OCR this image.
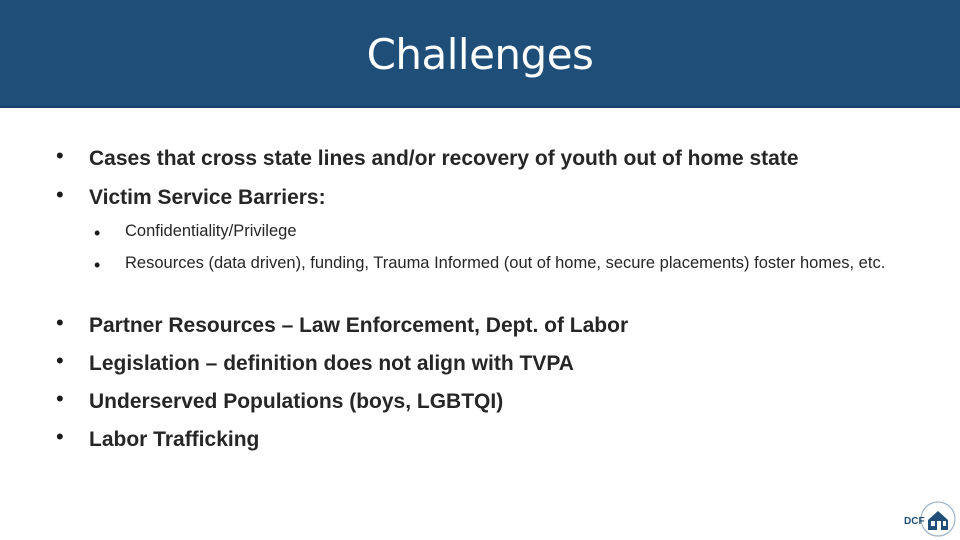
Challenges
• Cases that cross state lines and/or recovery of youth out of home state
• Victim Service Barriers:
• Confidentiality/Privilege
• Resources (data driven), funding, Trauma Informed (out of home, secure placements) foster homes, etc.
• Partner Resources – Law Enforcement, Dept. of Labor
• Legislation – definition does not align with TVPA
• Underserved Populations (boys, LGBTQI)
• Labor Trafficking
DCF
